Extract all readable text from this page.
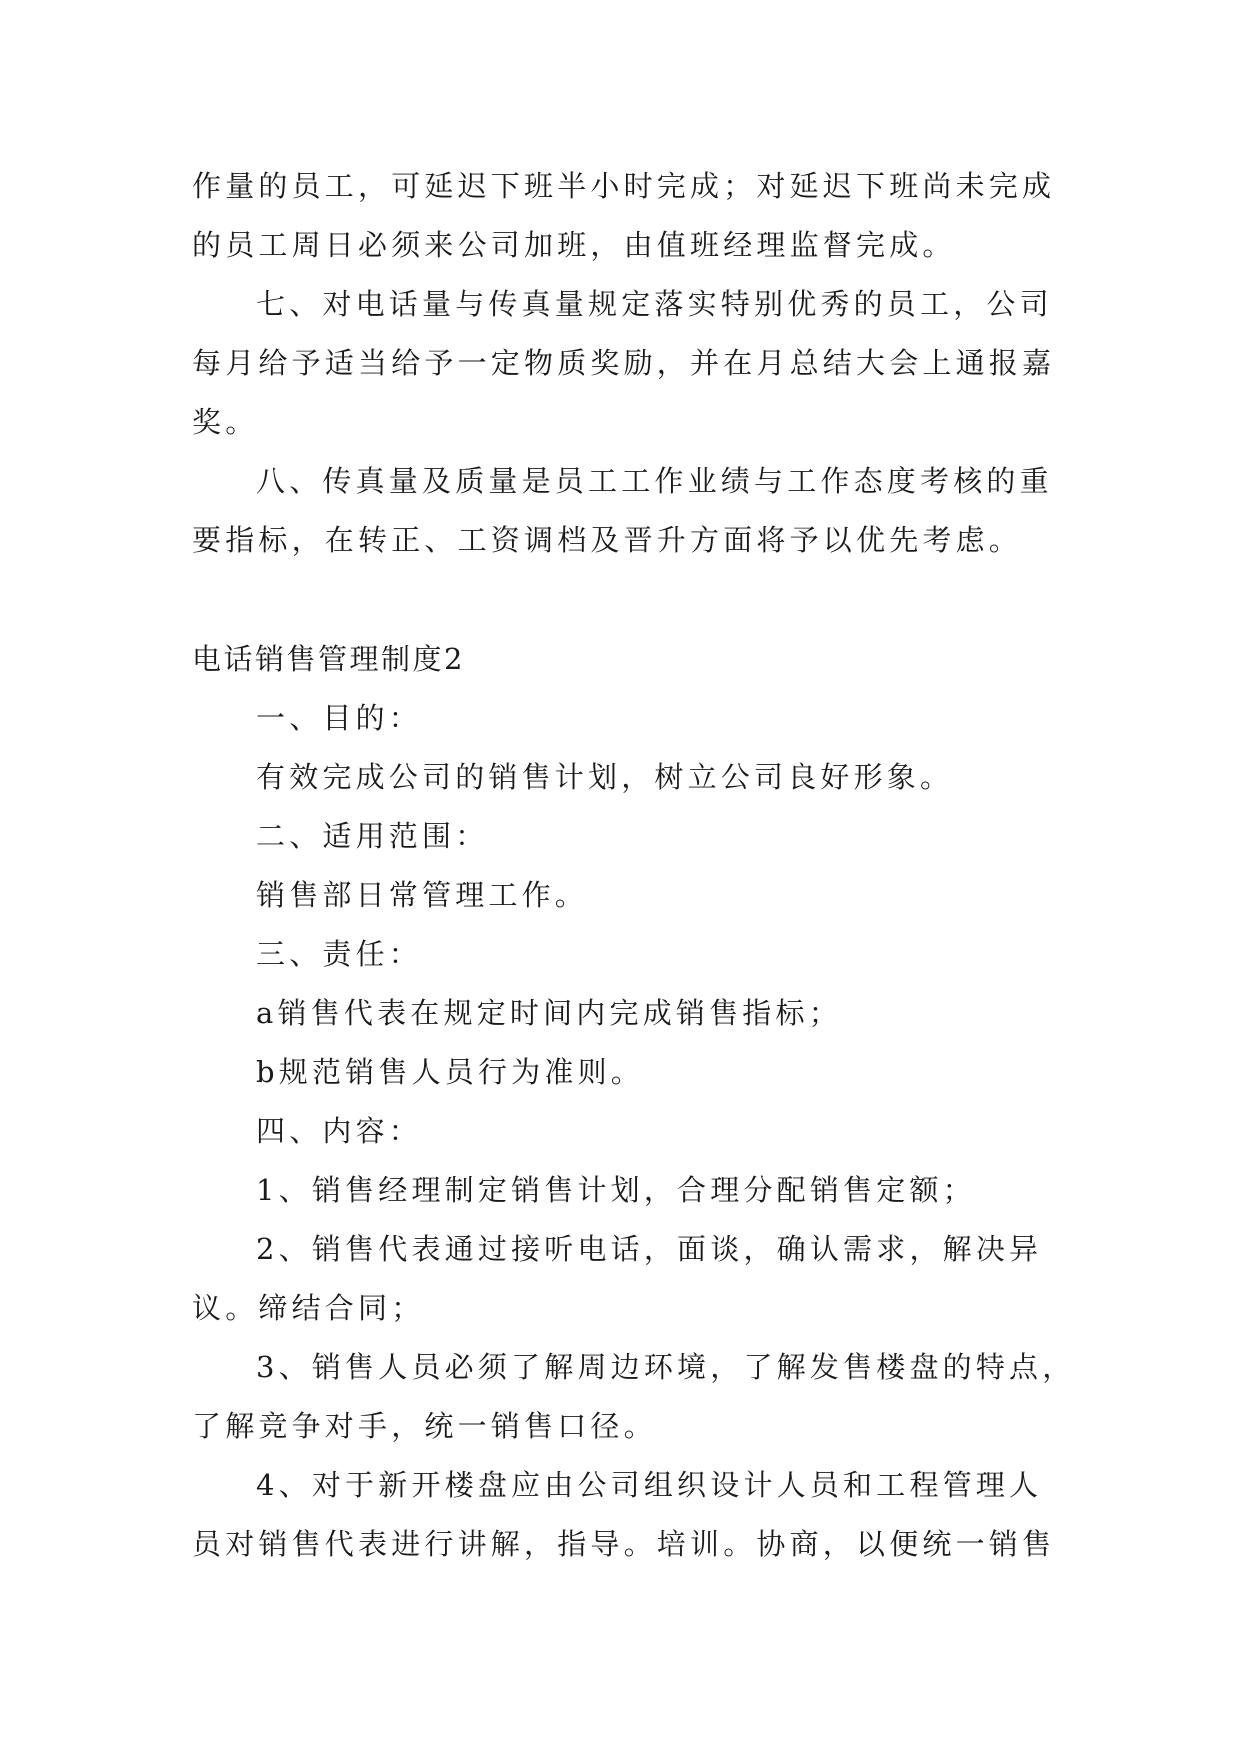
作量的员工，可延迟下班半小时完成；对延迟下班尚未完成
的员工周日必须来公司加班，由值班经理监督完成。
七、对电话量与传真量规定落实特别优秀的员工，公司
每月给予适当给予一定物质奖励，并在月总结大会上通报嘉
奖。
八、传真量及质量是员工工作业绩与工作态度考核的重
要指标，在转正、工资调档及晋升方面将予以优先考虑。
电话销售管理制度2
一、目的：
有效完成公司的销售计划，树立公司良好形象。
二、适用范围：
销售部日常管理工作。
三、责任：
a销售代表在规定时间内完成销售指标；
b规范销售人员行为准则。
四、内容：
1、销售经理制定销售计划，合理分配销售定额；
2、销售代表通过接听电话，面谈，确认需求，解决异
议。缔结合同；
3、销售人员必须了解周边环境，了解发售楼盘的特点，
了解竞争对手，统一销售口径。
4、对于新开楼盘应由公司组织设计人员和工程管理人
员对销售代表进行讲解，指导。培训。协商，以便统一销售
